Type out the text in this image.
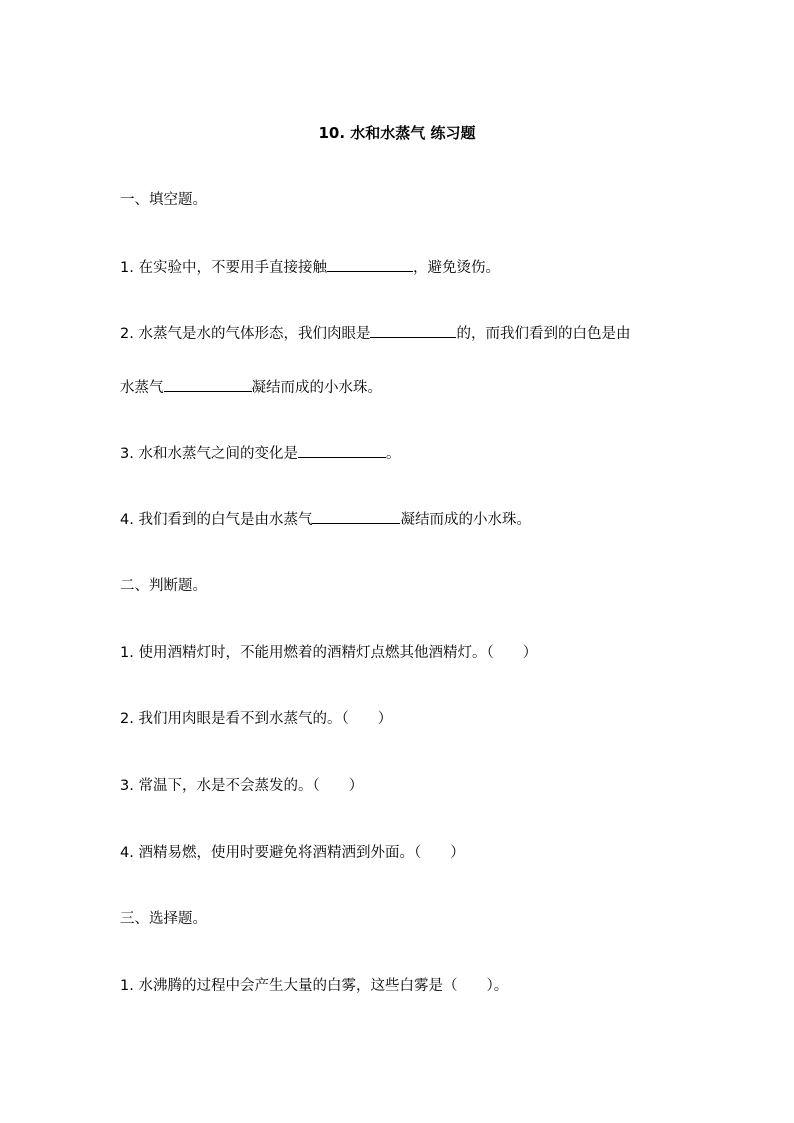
10. 水和水蒸气 练习题
一、填空题。
1. 在实验中，不要用手直接接触	，避免烫伤。
2. 水蒸气是水的气体形态，我们肉眼是	的，而我们看到的白色是由
水蒸气	凝结而成的小水珠。
3. 水和水蒸气之间的变化是	。
4. 我们看到的白气是由水蒸气	凝结而成的小水珠。
二、判断题。
1. 使用酒精灯时，不能用燃着的酒精灯点燃其他酒精灯。（　　）
2. 我们用肉眼是看不到水蒸气的。（　　）
3. 常温下，水是不会蒸发的。（　　）
4. 酒精易燃，使用时要避免将酒精洒到外面。（　　）
三、选择题。
1. 水沸腾的过程中会产生大量的白雾，这些白雾是（　　）。
